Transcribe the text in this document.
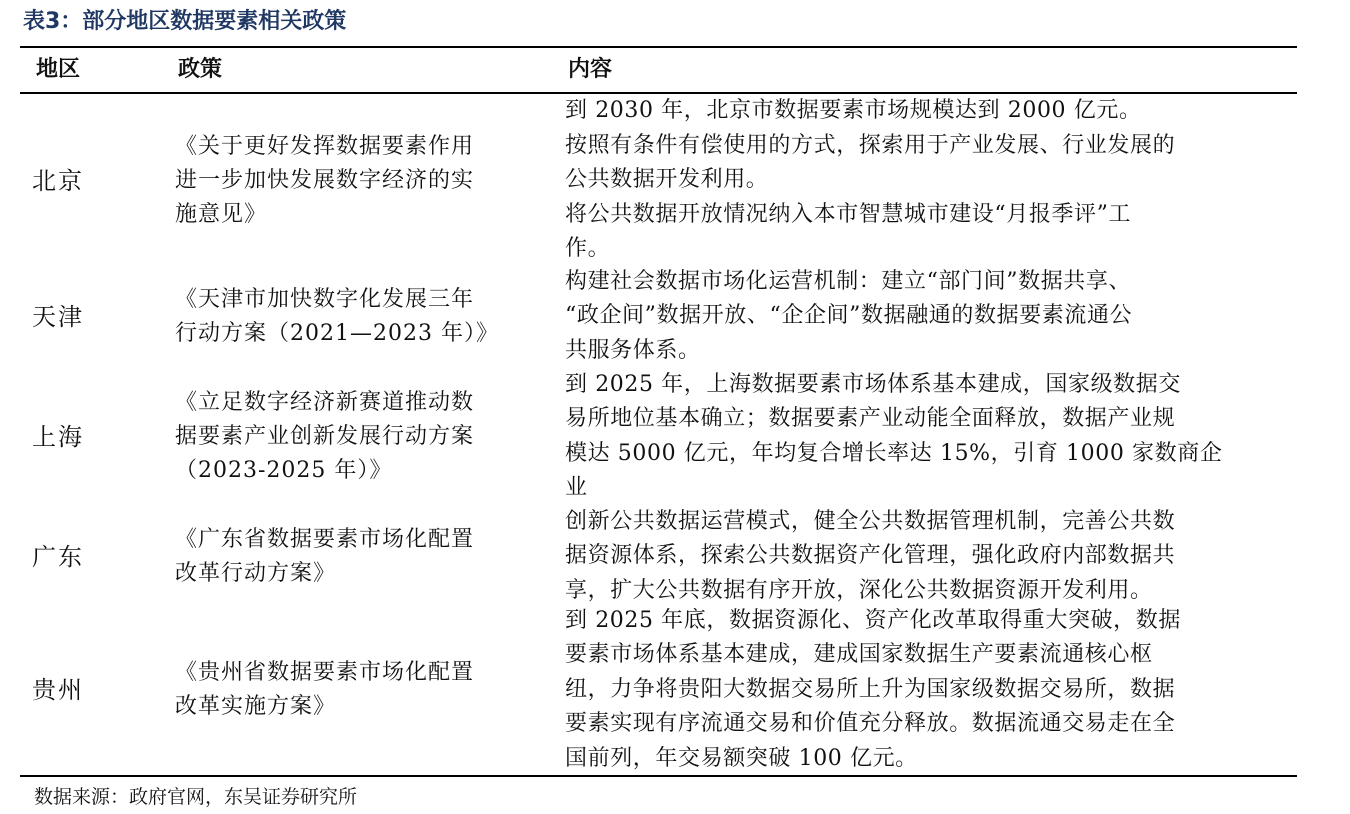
表3：部分地区数据要素相关政策
地区	政策	内容
北京
《关于更好发挥数据要素作用
进一步加快发展数字经济的实
施意见》
到 2030 年，北京市数据要素市场规模达到 2000 亿元。
按照有条件有偿使用的方式，探索用于产业发展、行业发展的
公共数据开发利用。
将公共数据开放情况纳入本市智慧城市建设“月报季评”工
作。
天津
《天津市加快数字化发展三年
行动方案（2021—2023 年）》
构建社会数据市场化运营机制：建立“部门间”数据共享、
“政企间”数据开放、“企企间”数据融通的数据要素流通公
共服务体系。
上海
《立足数字经济新赛道推动数
据要素产业创新发展行动方案
（2023-2025 年）》
到 2025 年，上海数据要素市场体系基本建成，国家级数据交
易所地位基本确立；数据要素产业动能全面释放，数据产业规
模达 5000 亿元，年均复合增长率达 15%，引育 1000 家数商企
业
广东
《广东省数据要素市场化配置
改革行动方案》
创新公共数据运营模式，健全公共数据管理机制，完善公共数
据资源体系，探索公共数据资产化管理，强化政府内部数据共
享，扩大公共数据有序开放，深化公共数据资源开发利用。
贵州
《贵州省数据要素市场化配置
改革实施方案》
到 2025 年底，数据资源化、资产化改革取得重大突破，数据
要素市场体系基本建成，建成国家数据生产要素流通核心枢
纽，力争将贵阳大数据交易所上升为国家级数据交易所，数据
要素实现有序流通交易和价值充分释放。数据流通交易走在全
国前列，年交易额突破 100 亿元。
数据来源：政府官网，东吴证券研究所
